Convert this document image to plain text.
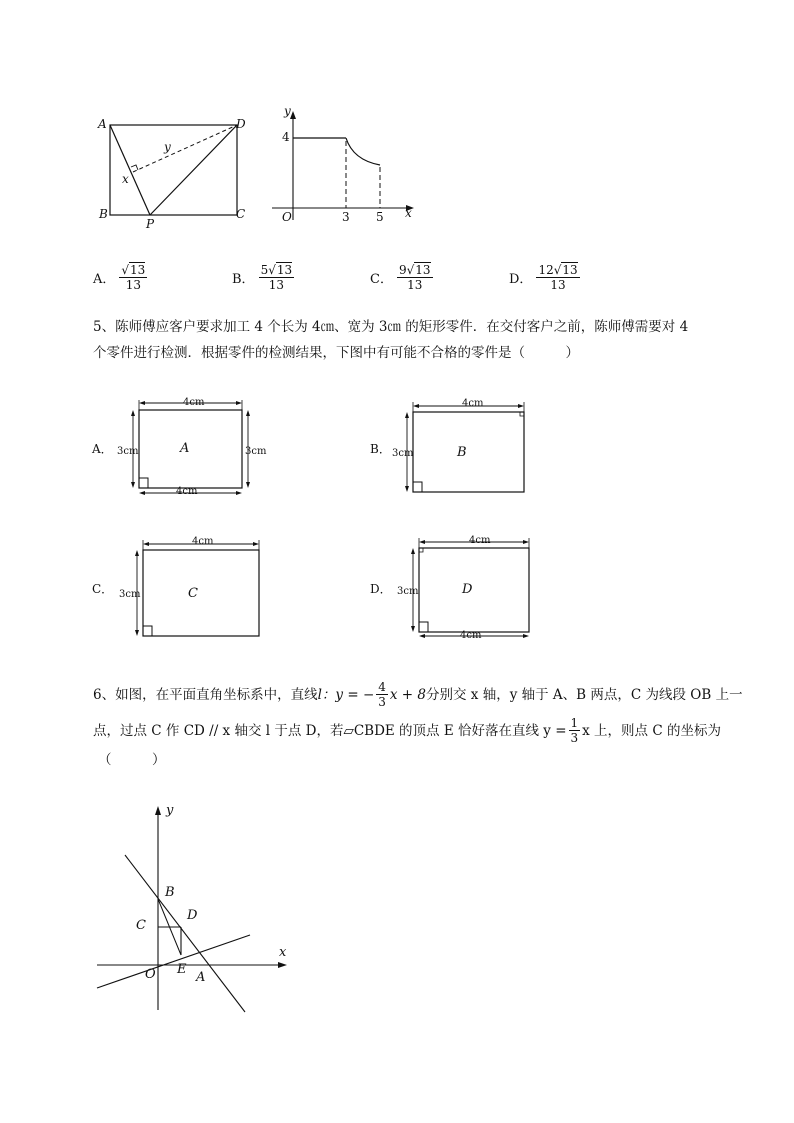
A	D
B	C
P
x
y
y
4
O	3 5 x
A． $\frac{√13}{13}$	B． $\frac{5√13}{13}$	C． $\frac{9√13}{13}$	D． $\frac{12√13}{13}$
5、陈师傅应客户要求加工 4 个长为 4㎝、宽为 3㎝ 的矩形零件．在交付客户之前，陈师傅需要对 4
个零件进行检测．根据零件的检测结果，下图中有可能不合格的零件是（　　　）
A．
4cm
3cm	3cm
4cm
A	B．
4cm
3cm	B
C．
4cm
3cm	C	D．
4cm
3cm
4cm
D
6、如图，在平面直角坐标系中，直线 l ：y = − $\frac{4}{3}$ x + 8 分别交 x 轴，y 轴于 A、B 两点，C 为线段 OB 上一
点，过点 C 作 CD // x 轴交 l 于点 D，若▱CBDE 的顶点 E 恰好落在直线 $y = \frac{1}{3}$ x 上，则点 C 的坐标为
（　　　）
y
x
B
C
D
O E
A
